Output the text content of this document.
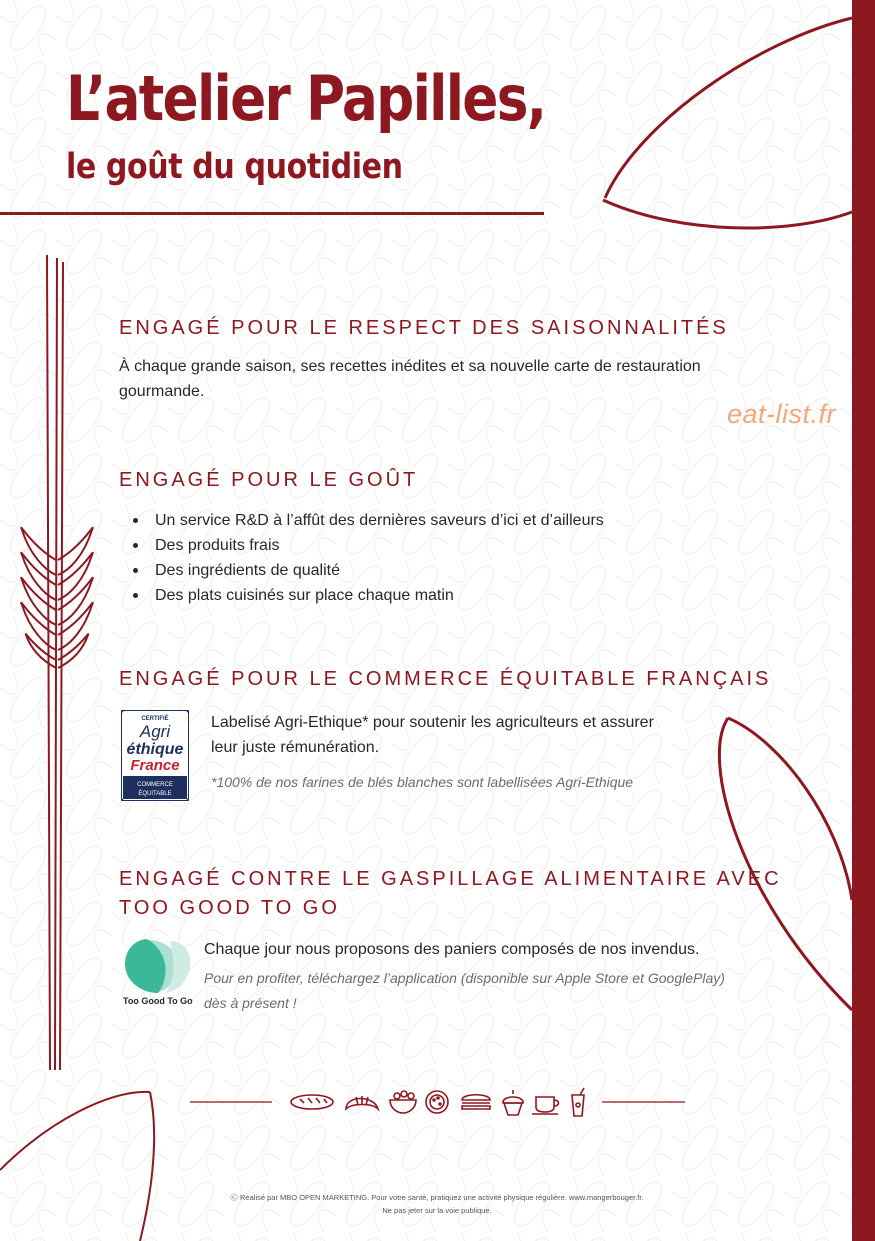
L’atelier Papilles,
le goût du quotidien

eat-list.fr

ENGAGÉ POUR LE RESPECT DES SAISONNALITÉS

À chaque grande saison, ses recettes inédites et sa nouvelle carte de restauration

gourmande.

ENGAGÉ POUR LE GOÛT
Un service R&D à l’affût des dernières saveurs d’ici et d’ailleurs
Des produits frais
Des ingrédients de qualité
Des plats cuisinés sur place chaque matin
ENGAGÉ POUR LE COMMERCE ÉQUITABLE FRANÇAIS
CERTIFIÉ
Agri
éthique
France
COMMERCE
ÉQUITABLE

Labelisé Agri-Ethique* pour soutenir les agriculteurs et assurer

leur juste rémunération.

*100% de nos farines de blés blanches sont labellisées Agri-Ethique

ENGAGÉ CONTRE LE GASPILLAGE ALIMENTAIRE AVEC
TOO GOOD TO GO

Too Good To Go

Chaque jour nous proposons des paniers composés de nos invendus.

Pour en profiter, téléchargez l’application (disponible sur Apple Store et GooglePlay)

dès à présent !

Ⓒ Réalisé par MBO OPEN MARKETING. Pour votre santé, pratiquez une activité physique régulière. www.mangerbouger.fr.

Ne pas jeter sur la voie publique.
